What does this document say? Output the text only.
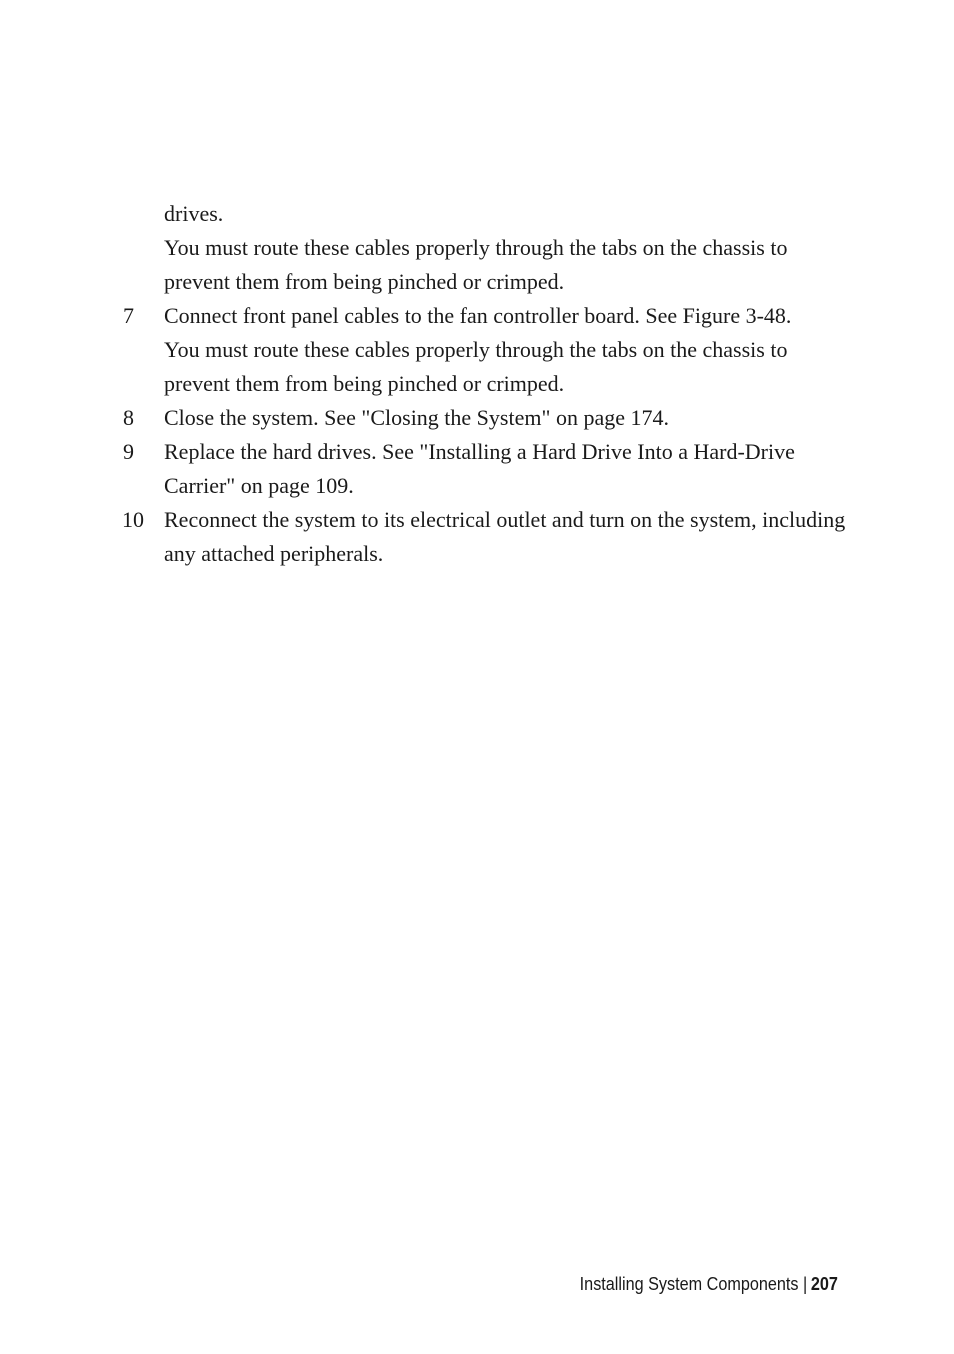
drives.
You must route these cables properly through the tabs on the chassis to prevent them from being pinched or crimped.
7 Connect front panel cables to the fan controller board. See Figure 3-48.
You must route these cables properly through the tabs on the chassis to prevent them from being pinched or crimped.
8 Close the system. See "Closing the System" on page 174.
9 Replace the hard drives. See "Installing a Hard Drive Into a Hard-Drive Carrier" on page 109.
10 Reconnect the system to its electrical outlet and turn on the system, including any attached peripherals.
Installing System Components | 207
